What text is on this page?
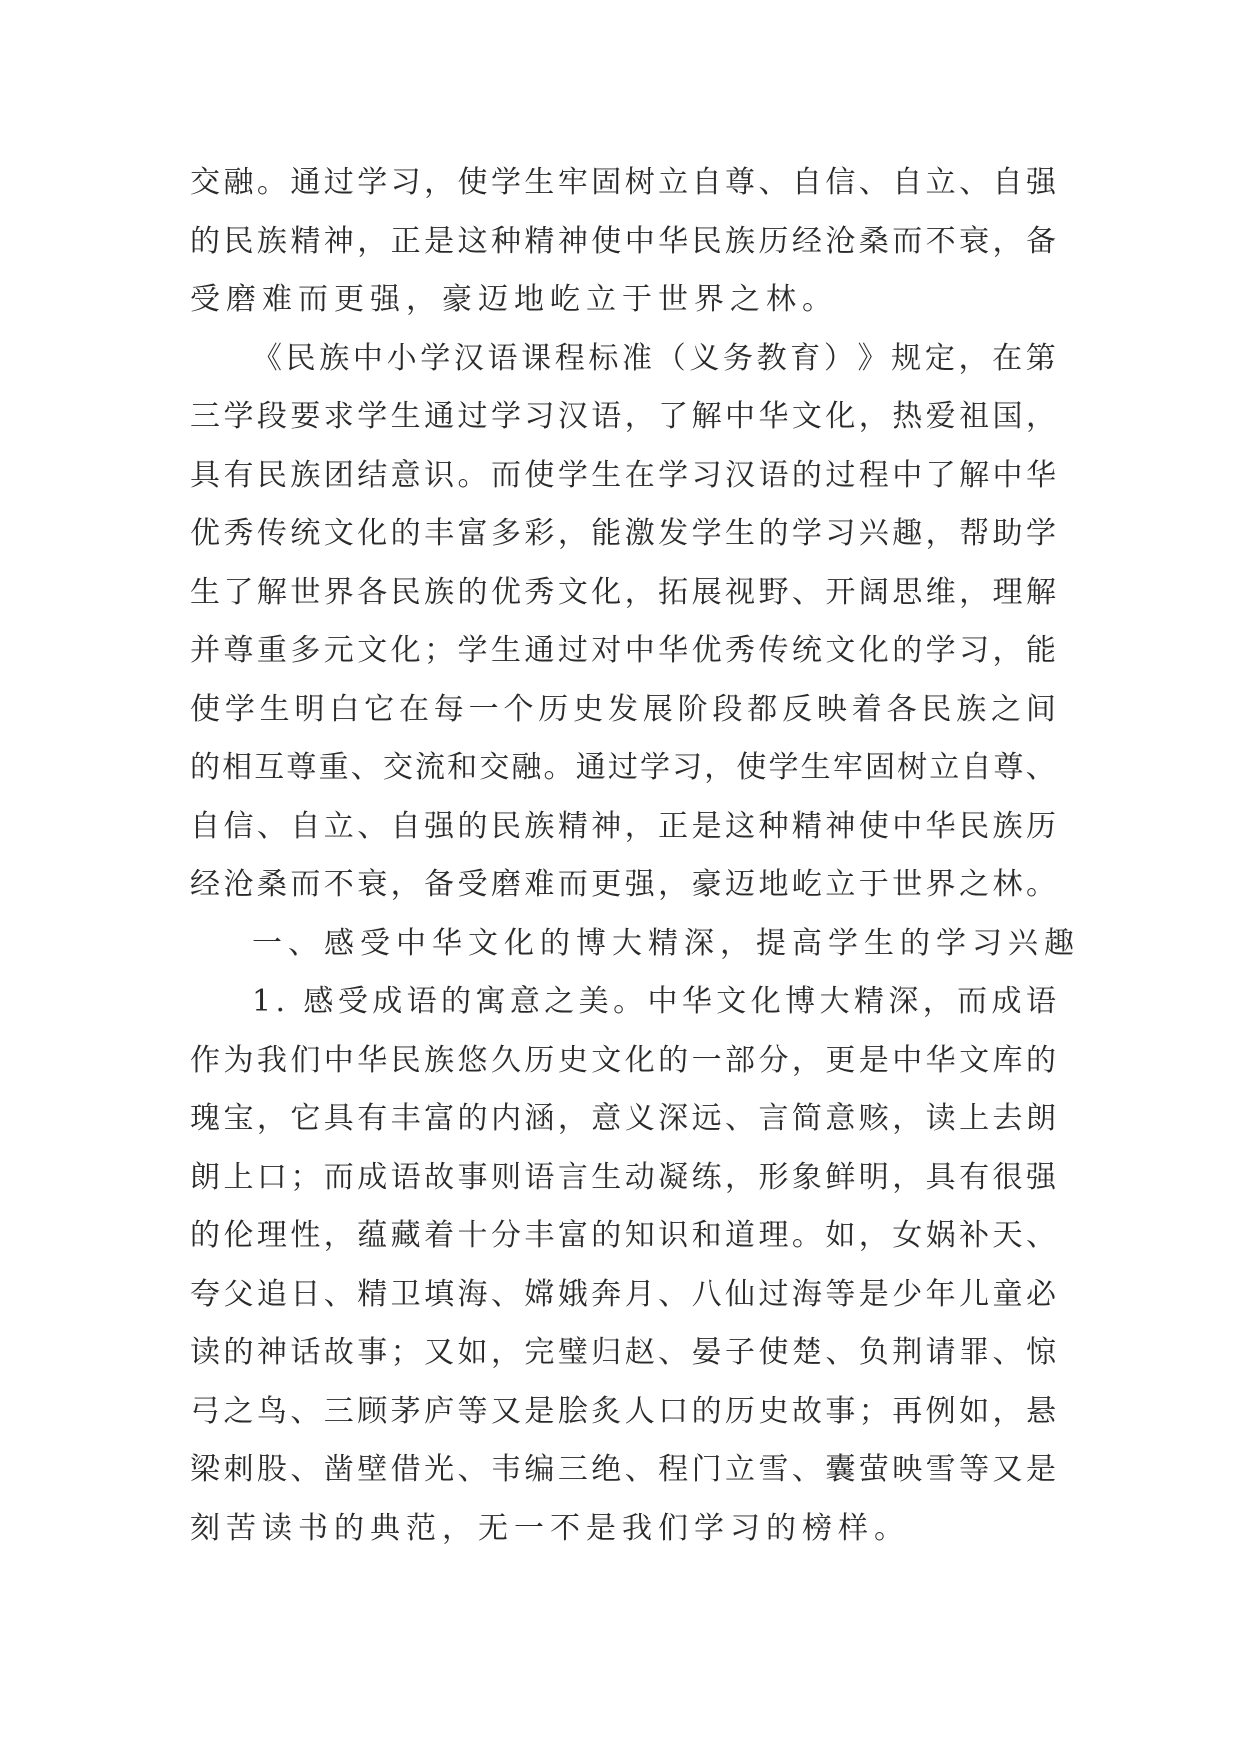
交 融 。 通 过 学 习 ， 使 学 生 牢 固 树 立 自 尊 、 自 信 、 自 立 、 自 强
的 民 族 精 神 ， 正 是 这 种 精 神 使 中 华 民 族 历 经 沧 桑 而 不 衰 ， 备
受磨难而更强，豪迈地屹立于世界之林。
《 民 族 中 小 学 汉 语 课 程 标 准 （ 义 务 教 育 ） 》 规 定 ， 在 第
三 学 段 要 求 学 生 通 过 学 习 汉 语 ， 了 解 中 华 文 化 ， 热 爱 祖 国 ，
具 有 民 族 团 结 意 识 。 而 使 学 生 在 学 习 汉 语 的 过 程 中 了 解 中 华
优 秀 传 统 文 化 的 丰 富 多 彩 ， 能 激 发 学 生 的 学 习 兴 趣 ， 帮 助 学
生 了 解 世 界 各 民 族 的 优 秀 文 化 ， 拓 展 视 野 、 开 阔 思 维 ， 理 解
并 尊 重 多 元 文 化 ； 学 生 通 过 对 中 华 优 秀 传 统 文 化 的 学 习 ， 能
使 学 生 明 白 它 在 每 一 个 历 史 发 展 阶 段 都 反 映 着 各 民 族 之 间
的 相 互 尊 重 、 交 流 和 交 融 。 通 过 学 习 ， 使 学 生 牢 固 树 立 自 尊 、
自 信 、 自 立 、 自 强 的 民 族 精 神 ， 正 是 这 种 精 神 使 中 华 民 族 历
经 沧 桑 而 不 衰 ， 备 受 磨 难 而 更 强 ， 豪 迈 地 屹 立 于 世 界 之 林 。
一、感受中华文化的博大精深，提高学生的学习兴趣
1 .
感 受 成 语 的 寓 意 之 美 。 中 华 文 化 博 大 精 深 ， 而 成 语
作 为 我 们 中 华 民 族 悠 久 历 史 文 化 的 一 部 分 ， 更 是 中 华 文 库 的
瑰 宝 ， 它 具 有 丰 富 的 内 涵 ， 意 义 深 远 、 言 简 意 赅 ， 读 上 去 朗
朗 上 口 ； 而 成 语 故 事 则 语 言 生 动 凝 练 ， 形 象 鲜 明 ， 具 有 很 强
的 伦 理 性 ， 蕴 藏 着 十 分 丰 富 的 知 识 和 道 理 。 如 ， 女 娲 补 天 、
夸 父 追 日 、 精 卫 填 海 、 嫦 娥 奔 月 、 八 仙 过 海 等 是 少 年 儿 童 必
读 的 神 话 故 事 ； 又 如 ， 完 璧 归 赵 、 晏 子 使 楚 、 负 荆 请 罪 、 惊
弓 之 鸟 、 三 顾 茅 庐 等 又 是 脍 炙 人 口 的 历 史 故 事 ； 再 例 如 ， 悬
梁 刺 股 、 凿 壁 借 光 、 韦 编 三 绝 、 程 门 立 雪 、 囊 萤 映 雪 等 又 是
刻苦读书的典范，无一不是我们学习的榜样。
